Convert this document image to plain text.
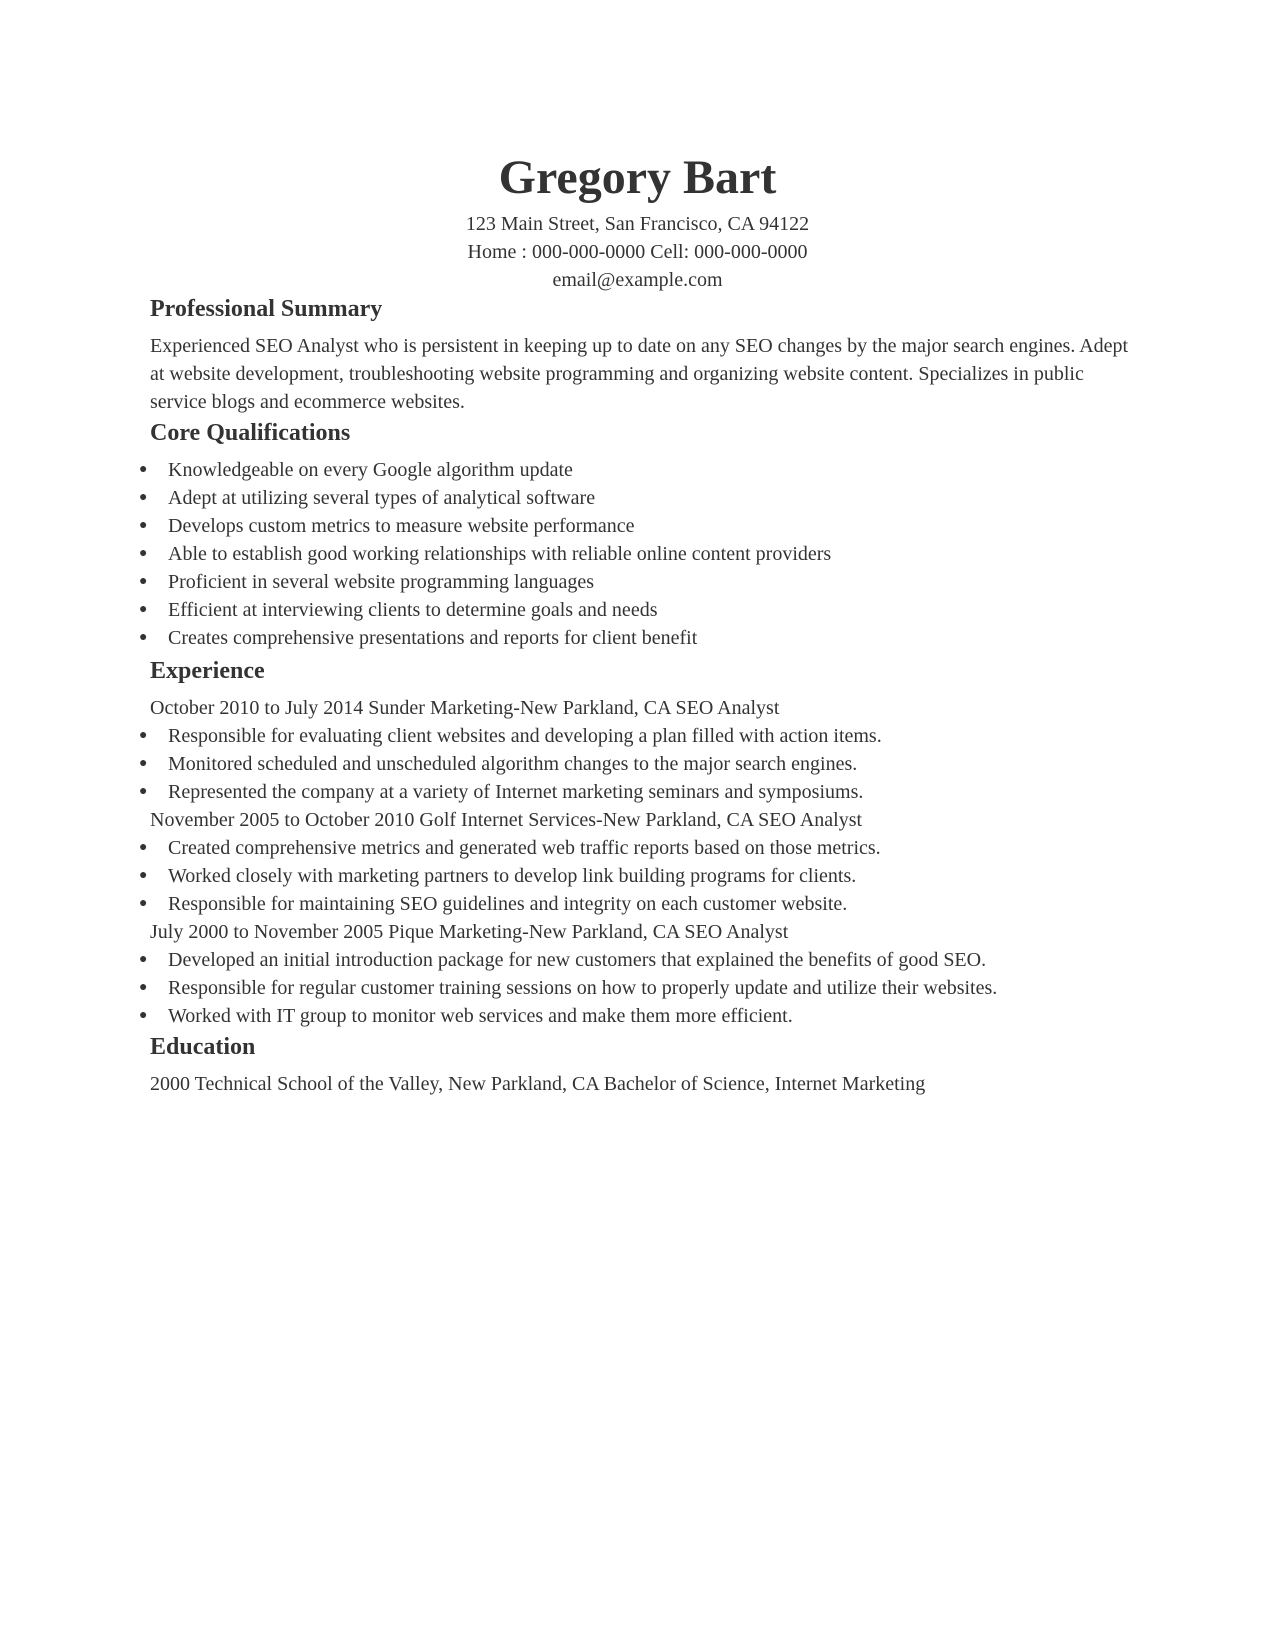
Gregory Bart

123 Main Street, San Francisco, CA 94122

Home : 000-000-0000 Cell: 000-000-0000

email@example.com

Professional Summary

Experienced SEO Analyst who is persistent in keeping up to date on any SEO changes by the major search engines. Adept at website development, troubleshooting website programming and organizing website content. Specializes in public service blogs and ecommerce websites.

Core Qualifications
● Knowledgeable on every Google algorithm update
● Adept at utilizing several types of analytical software
● Develops custom metrics to measure website performance
● Able to establish good working relationships with reliable online content providers
● Proficient in several website programming languages
● Efficient at interviewing clients to determine goals and needs
● Creates comprehensive presentations and reports for client benefit
Experience

October 2010 to July 2014 Sunder Marketing-New Parkland, CA SEO Analyst

● Responsible for evaluating client websites and developing a plan filled with action items.
● Monitored scheduled and unscheduled algorithm changes to the major search engines.
● Represented the company at a variety of Internet marketing seminars and symposiums.

November 2005 to October 2010 Golf Internet Services-New Parkland, CA SEO Analyst

● Created comprehensive metrics and generated web traffic reports based on those metrics.
● Worked closely with marketing partners to develop link building programs for clients.
● Responsible for maintaining SEO guidelines and integrity on each customer website.

July 2000 to November 2005 Pique Marketing-New Parkland, CA SEO Analyst

● Developed an initial introduction package for new customers that explained the benefits of good SEO.
● Responsible for regular customer training sessions on how to properly update and utilize their websites.
● Worked with IT group to monitor web services and make them more efficient.
Education

2000 Technical School of the Valley, New Parkland, CA Bachelor of Science, Internet Marketing
